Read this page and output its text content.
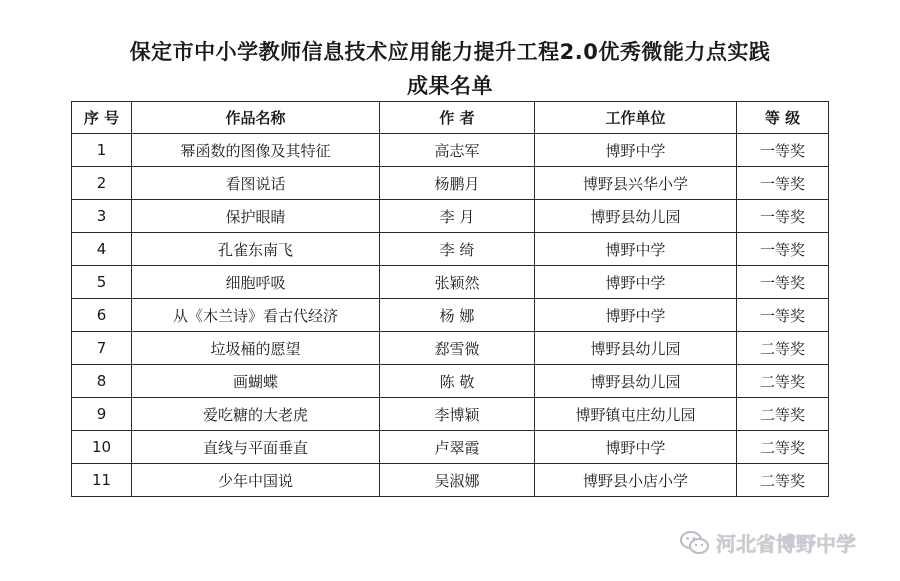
保定市中小学教师信息技术应用能力提升工程2.0优秀微能力点实践
成果名单
序 号	作品名称	作 者	工作单位	等 级
1	幂函数的图像及其特征	高志军	博野中学	一等奖
2	看图说话	杨鹏月	博野县兴华小学	一等奖
3	保护眼睛	李 月	博野县幼儿园	一等奖
4	孔雀东南飞	李 绮	博野中学	一等奖
5	细胞呼吸	张颖然	博野中学	一等奖
6	从《木兰诗》看古代经济	杨 娜	博野中学	一等奖
7	垃圾桶的愿望	郄雪微	博野县幼儿园	二等奖
8	画蝴蝶	陈 敬	博野县幼儿园	二等奖
9	爱吃糖的大老虎	李博颖	博野镇屯庄幼儿园	二等奖
10	直线与平面垂直	卢翠霞	博野中学	二等奖
11	少年中国说	吴淑娜	博野县小店小学	二等奖
河北省博野中学
